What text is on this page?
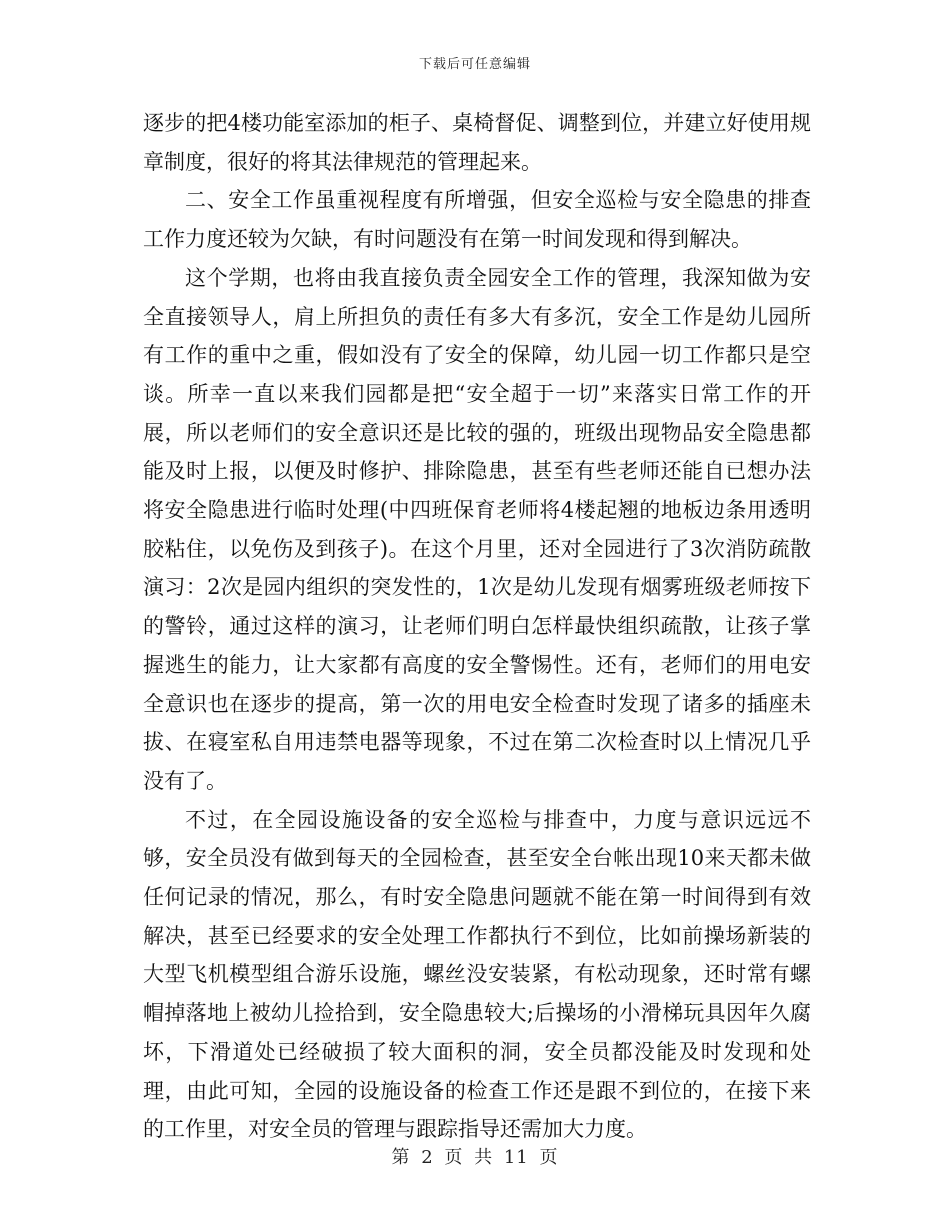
下载后可任意编辑

逐步的把4楼功能室添加的柜子、桌椅督促、调整到位，并建立好使用规章制度，很好的将其法律规范的管理起来。

二、安全工作虽重视程度有所增强，但安全巡检与安全隐患的排查工作力度还较为欠缺，有时问题没有在第一时间发现和得到解决。

这个学期，也将由我直接负责全园安全工作的管理，我深知做为安全直接领导人，肩上所担负的责任有多大有多沉，安全工作是幼儿园所有工作的重中之重，假如没有了安全的保障，幼儿园一切工作都只是空谈。所幸一直以来我们园都是把“安全超于一切”来落实日常工作的开展，所以老师们的安全意识还是比较的强的，班级出现物品安全隐患都能及时上报，以便及时修护、排除隐患，甚至有些老师还能自已想办法将安全隐患进行临时处理(中四班保育老师将4楼起翘的地板边条用透明胶粘住，以免伤及到孩子)。在这个月里，还对全园进行了3次消防疏散演习：2次是园内组织的突发性的，1次是幼儿发现有烟雾班级老师按下的警铃，通过这样的演习，让老师们明白怎样最快组织疏散，让孩子掌握逃生的能力，让大家都有高度的安全警惕性。还有，老师们的用电安全意识也在逐步的提高，第一次的用电安全检查时发现了诸多的插座未拔、在寝室私自用违禁电器等现象，不过在第二次检查时以上情况几乎没有了。

不过，在全园设施设备的安全巡检与排查中，力度与意识远远不够，安全员没有做到每天的全园检查，甚至安全台帐出现10来天都未做任何记录的情况，那么，有时安全隐患问题就不能在第一时间得到有效解决，甚至已经要求的安全处理工作都执行不到位，比如前操场新装的大型飞机模型组合游乐设施，螺丝没安装紧，有松动现象，还时常有螺帽掉落地上被幼儿捡拾到，安全隐患较大;后操场的小滑梯玩具因年久腐坏，下滑道处已经破损了较大面积的洞，安全员都没能及时发现和处理，由此可知，全园的设施设备的检查工作还是跟不到位的，在接下来的工作里，对安全员的管理与跟踪指导还需加大力度。

第 2 页 共 11 页
